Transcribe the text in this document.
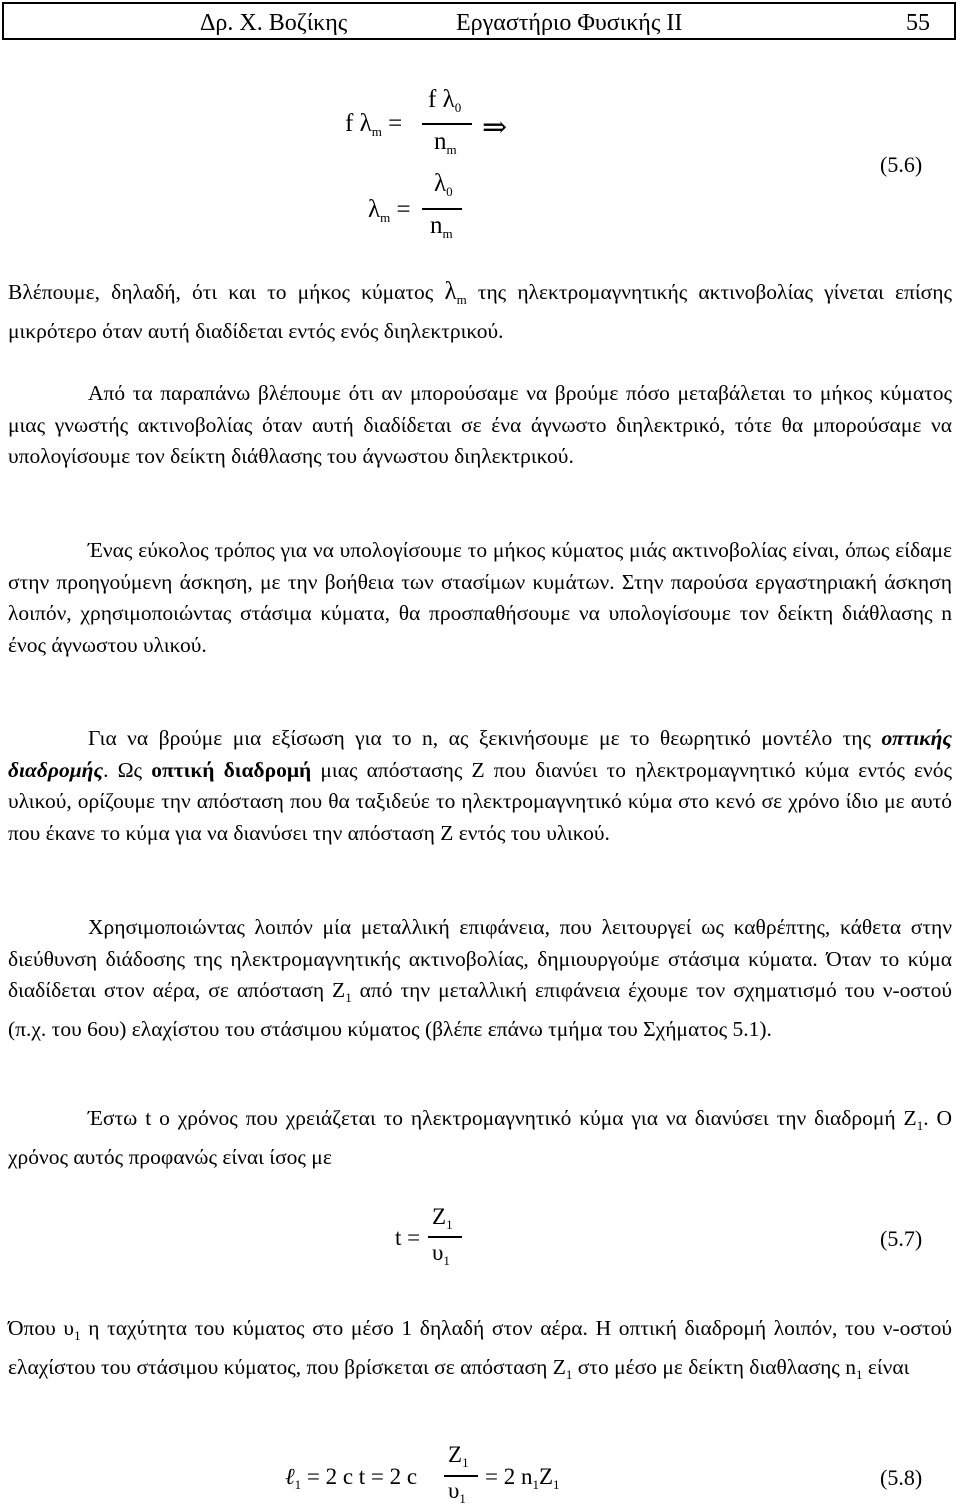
Δρ. Χ. Βοζίκης	Εργαστήριο Φυσικής ΙΙ	55
f $\lambda_m$ =
f $\lambda_0$
$n_m$
⇒
$\lambda_m$ =
$\lambda_0$
$n_m$
(5.6)

Βλέπουμε, δηλαδή, ότι και το μήκος κύματος $\lambda_m$ της ηλεκτρομαγνητικής ακτινοβολίας γίνεται επίσης μικρότερο όταν αυτή διαδίδεται εντός ενός διηλεκτρικού.

Από τα παραπάνω βλέπουμε ότι αν μπορούσαμε να βρούμε πόσο μεταβάλεται το μήκος κύματος μιας γνωστής ακτινοβολίας όταν αυτή διαδίδεται σε ένα άγνωστο διηλεκτρικό, τότε θα μπορούσαμε να υπολογίσουμε τον δείκτη διάθλασης του άγνωστου διηλεκτρικού.

Ένας εύκολος τρόπος για να υπολογίσουμε το μήκος κύματος μιάς ακτινοβολίας είναι, όπως είδαμε στην προηγούμενη άσκηση, με την βοήθεια των στασίμων κυμάτων. Στην παρούσα εργαστηριακή άσκηση λοιπόν, χρησιμοποιώντας στάσιμα κύματα, θα προσπαθήσουμε να υπολογίσουμε τον δείκτη διάθλασης n ένος άγνωστου υλικού.

Για να βρούμε μια εξίσωση για το n, ας ξεκινήσουμε με το θεωρητικό μοντέλο της οπτικής διαδρομής. Ως οπτική διαδρομή μιας απόστασης Z που διανύει το ηλεκτρομαγνητικό κύμα εντός ενός υλικού, ορίζουμε την απόσταση που θα ταξιδεύε το ηλεκτρομαγνητικό κύμα στο κενό σε χρόνο ίδιο με αυτό που έκανε το κύμα για να διανύσει την απόσταση Z εντός του υλικού.

Χρησιμοποιώντας λοιπόν μία μεταλλική επιφάνεια, που λειτουργεί ως καθρέπτης, κάθετα στην διεύθυνση διάδοσης της ηλεκτρομαγνητικής ακτινοβολίας, δημιουργούμε στάσιμα κύματα. Όταν το κύμα διαδίδεται στον αέρα, σε απόσταση $Z_1$ από την μεταλλική επιφάνεια έχουμε τον σχηματισμό του ν-οστού (π.χ. του 6ου) ελαχίστου του στάσιμου κύματος (βλέπε επάνω τμήμα του Σχήματος 5.1).

Έστω t ο χρόνος που χρειάζεται το ηλεκτρομαγνητικό κύμα για να διανύσει την διαδρομή $Z_1$. Ο χρόνος αυτός προφανώς είναι ίσος με

t =
$Z_1$
$\upsilon_1$
(5.7)

Όπου $\upsilon_1$ η ταχύτητα του κύματος στο μέσο 1 δηλαδή στον αέρα. Η οπτική διαδρομή λοιπόν, του ν-οστού ελαχίστου του στάσιμου κύματος, που βρίσκεται σε απόσταση $Z_1$ στο μέσο με δείκτη διαθλασης $n_1$ είναι

ℓ$_1$ = 2 c t = 2 c
$Z_1$
$\upsilon_1$
= 2 $n_1Z_1$	(5.8)
